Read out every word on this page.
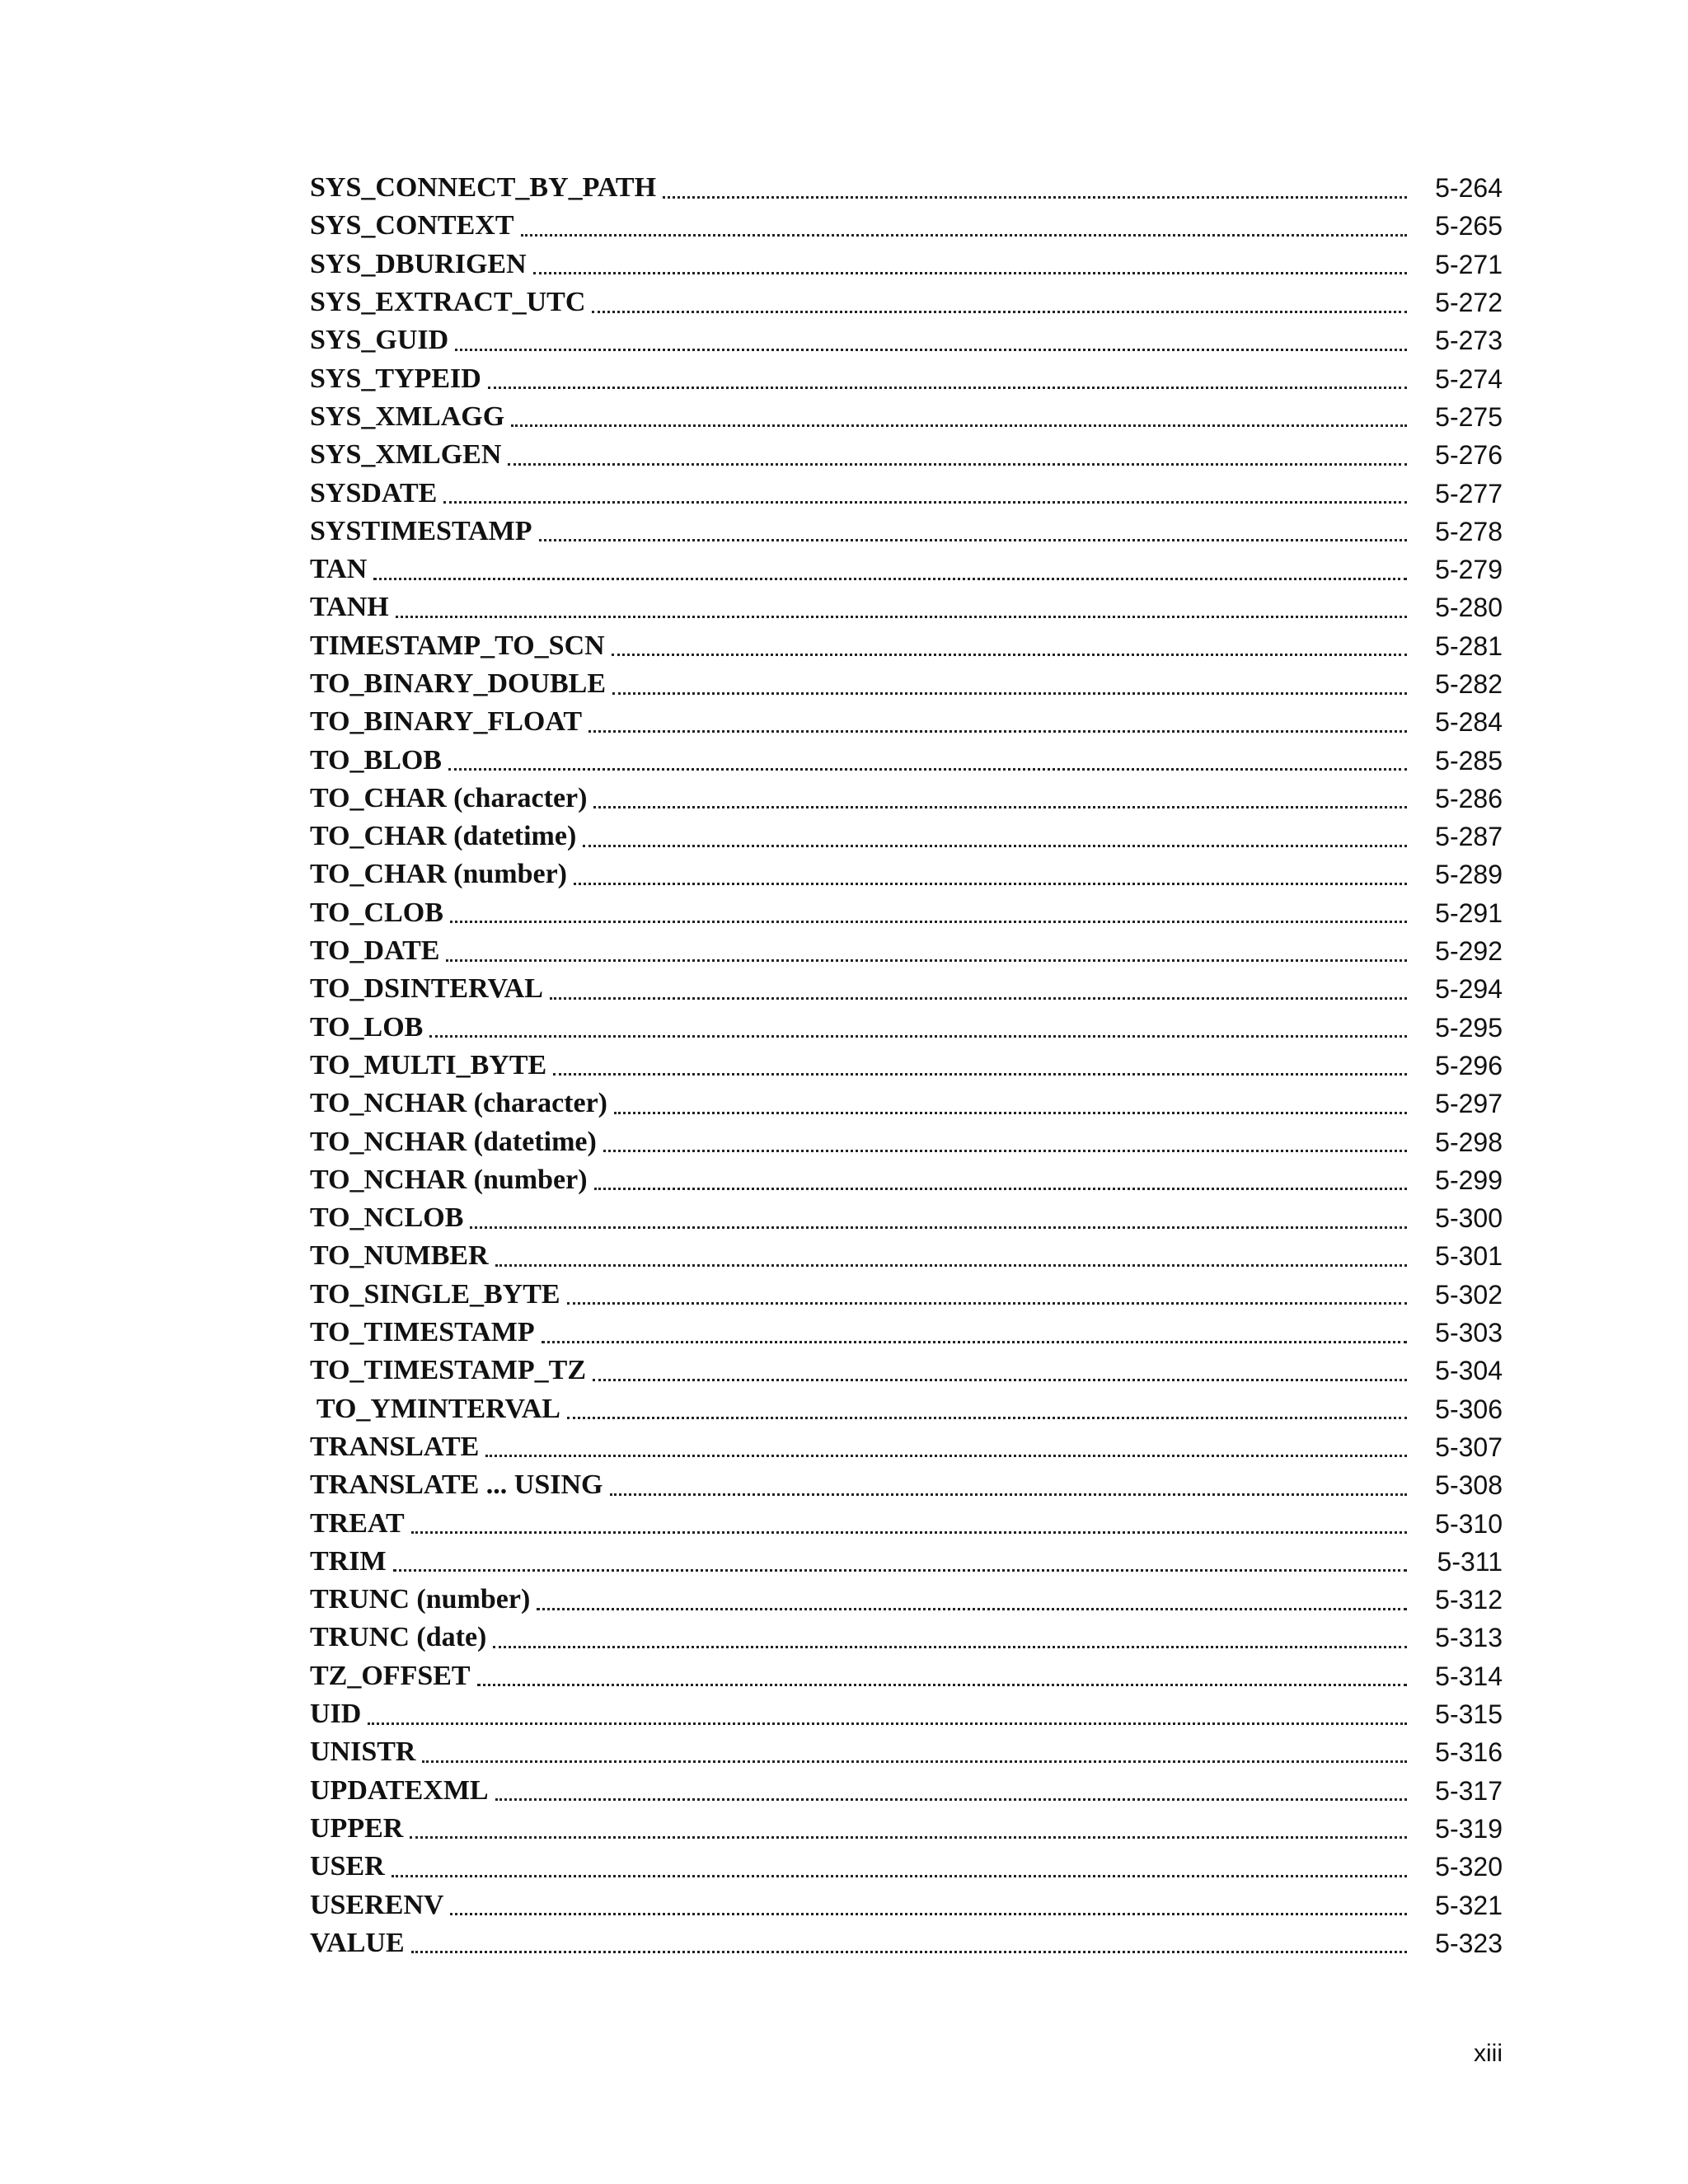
SYS_CONNECT_BY_PATH	5-264
SYS_CONTEXT	5-265
SYS_DBURIGEN	5-271
SYS_EXTRACT_UTC	5-272
SYS_GUID	5-273
SYS_TYPEID	5-274
SYS_XMLAGG	5-275
SYS_XMLGEN	5-276
SYSDATE	5-277
SYSTIMESTAMP	5-278
TAN	5-279
TANH	5-280
TIMESTAMP_TO_SCN	5-281
TO_BINARY_DOUBLE	5-282
TO_BINARY_FLOAT	5-284
TO_BLOB	5-285
TO_CHAR (character)	5-286
TO_CHAR (datetime)	5-287
TO_CHAR (number)	5-289
TO_CLOB	5-291
TO_DATE	5-292
TO_DSINTERVAL	5-294
TO_LOB	5-295
TO_MULTI_BYTE	5-296
TO_NCHAR (character)	5-297
TO_NCHAR (datetime)	5-298
TO_NCHAR (number)	5-299
TO_NCLOB	5-300
TO_NUMBER	5-301
TO_SINGLE_BYTE	5-302
TO_TIMESTAMP	5-303
TO_TIMESTAMP_TZ	5-304
TO_YMINTERVAL	5-306
TRANSLATE	5-307
TRANSLATE ... USING	5-308
TREAT	5-310
TRIM	5-311
TRUNC (number)	5-312
TRUNC (date)	5-313
TZ_OFFSET	5-314
UID	5-315
UNISTR	5-316
UPDATEXML	5-317
UPPER	5-319
USER	5-320
USERENV	5-321
VALUE	5-323
xiii
